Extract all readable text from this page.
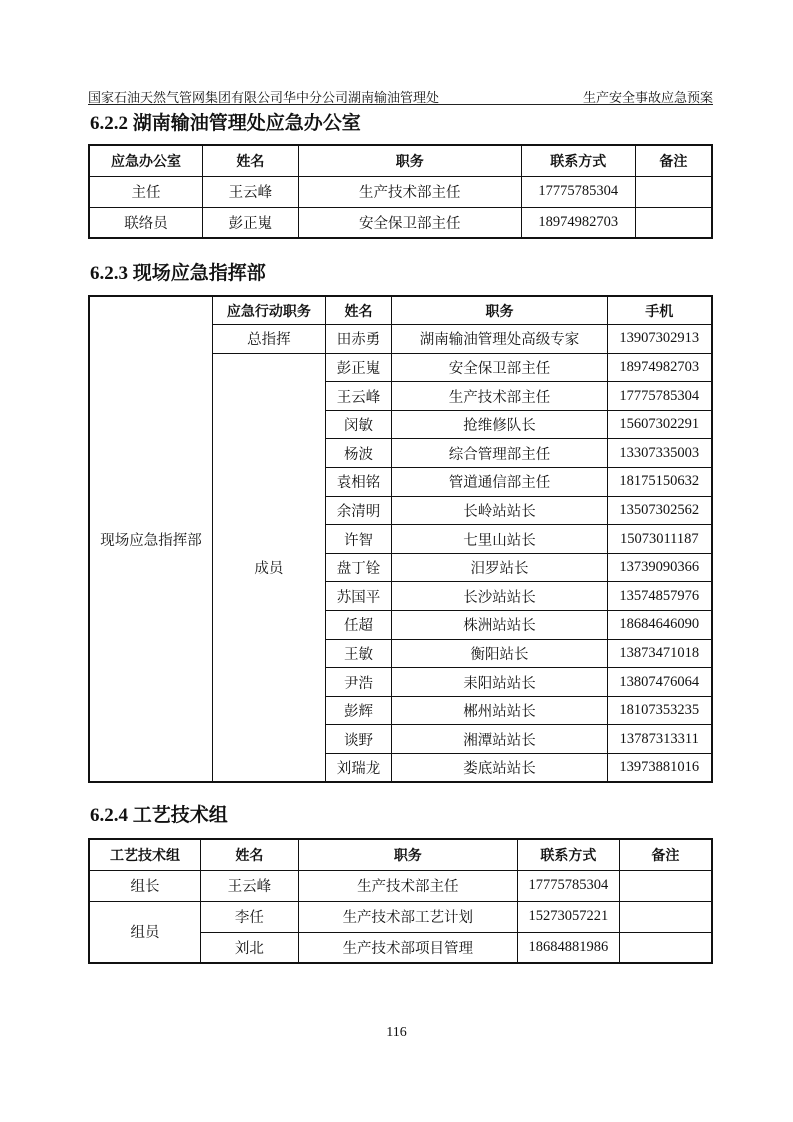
国家石油天然气管网集团有限公司华中分公司湖南输油管理处	生产安全事故应急预案
6.2.2 湖南输油管理处应急办公室
应急办公室	姓名	职务	联系方式	备注
主任	王云峰	生产技术部主任	17775785304	
联络员	彭正嵬	安全保卫部主任	18974982703	
6.2.3 现场应急指挥部
现场应急指挥部	应急行动职务	姓名	职务	手机
	总指挥	田赤勇	湖南输油管理处高级专家	13907302913
	成员	彭正嵬	安全保卫部主任	18974982703
		王云峰	生产技术部主任	17775785304
		闵敏	抢维修队长	15607302291
		杨波	综合管理部主任	13307335003
		袁相铭	管道通信部主任	18175150632
		余清明	长岭站站长	13507302562
		许智	七里山站长	15073011187
		盘丁铨	汨罗站长	13739090366
		苏国平	长沙站站长	13574857976
		任超	株洲站站长	18684646090
		王敏	衡阳站长	13873471018
		尹浩	耒阳站站长	13807476064
		彭辉	郴州站站长	18107353235
		谈野	湘潭站站长	13787313311
		刘瑞龙	娄底站站长	13973881016
6.2.4 工艺技术组
工艺技术组	姓名	职务	联系方式	备注
组长	王云峰	生产技术部主任	17775785304	
组员	李任	生产技术部工艺计划	15273057221	
	刘北	生产技术部项目管理	18684881986	
116
